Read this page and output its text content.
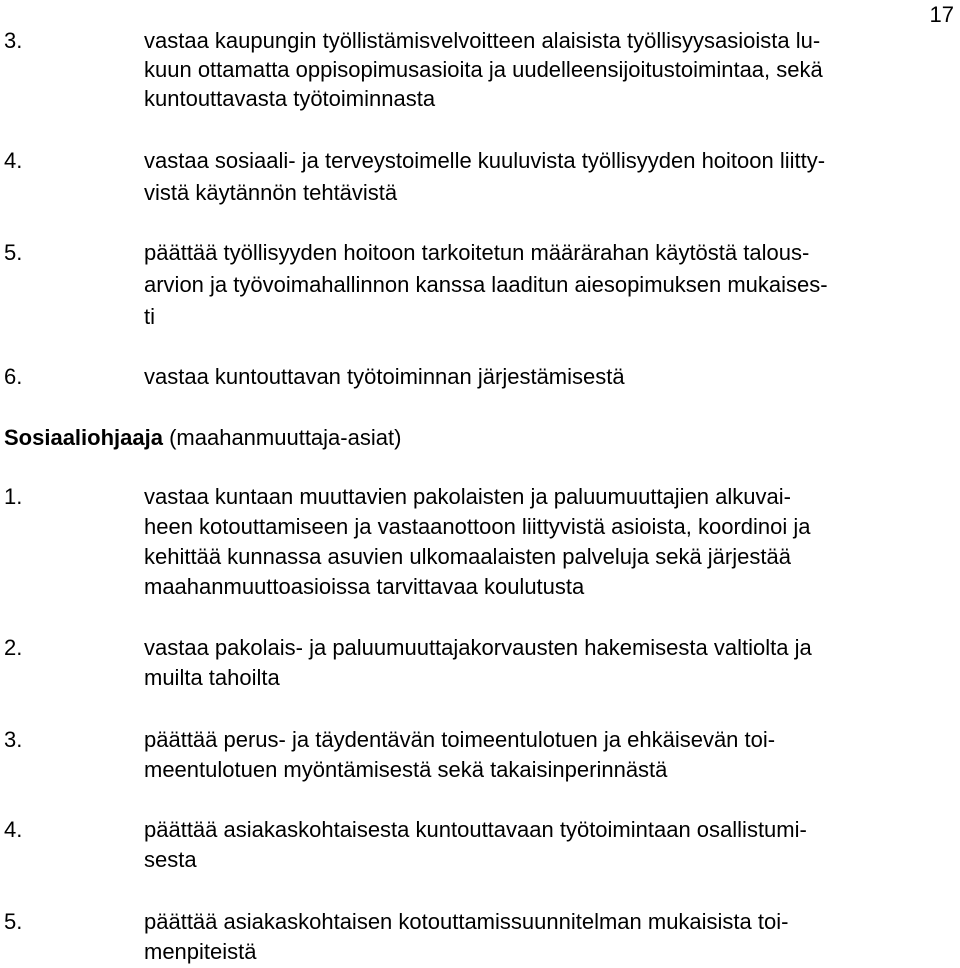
17
3.	vastaa kaupungin työllistämisvelvoitteen alaisista työllisyysasioista lu-
kuun ottamatta oppisopimusasioita ja uudelleensijoitustoimintaa, sekä
kuntouttavasta työtoiminnasta
4.	vastaa sosiaali- ja terveystoimelle kuuluvista työllisyyden hoitoon liitty-
vistä käytännön tehtävistä
5.	päättää työllisyyden hoitoon tarkoitetun määrärahan käytöstä talous-
arvion ja työvoimahallinnon kanssa laaditun aiesopimuksen mukaises-
ti
6.	vastaa kuntouttavan työtoiminnan järjestämisestä
Sosiaaliohjaaja (maahanmuuttaja-asiat)
1.	vastaa kuntaan muuttavien pakolaisten ja paluumuuttajien alkuvai-
heen kotouttamiseen ja vastaanottoon liittyvistä asioista, koordinoi ja
kehittää kunnassa asuvien ulkomaalaisten palveluja sekä järjestää
maahanmuuttoasioissa tarvittavaa koulutusta
2.	vastaa pakolais- ja paluumuuttajakorvausten hakemisesta valtiolta ja
muilta tahoilta
3.	päättää perus- ja täydentävän toimeentulotuen ja ehkäisevän toi-
meentulotuen myöntämisestä sekä takaisinperinnästä
4.	päättää asiakaskohtaisesta kuntouttavaan työtoimintaan osallistumi-
sesta
5.	päättää asiakaskohtaisen kotouttamissuunnitelman mukaisista toi-
menpiteistä
